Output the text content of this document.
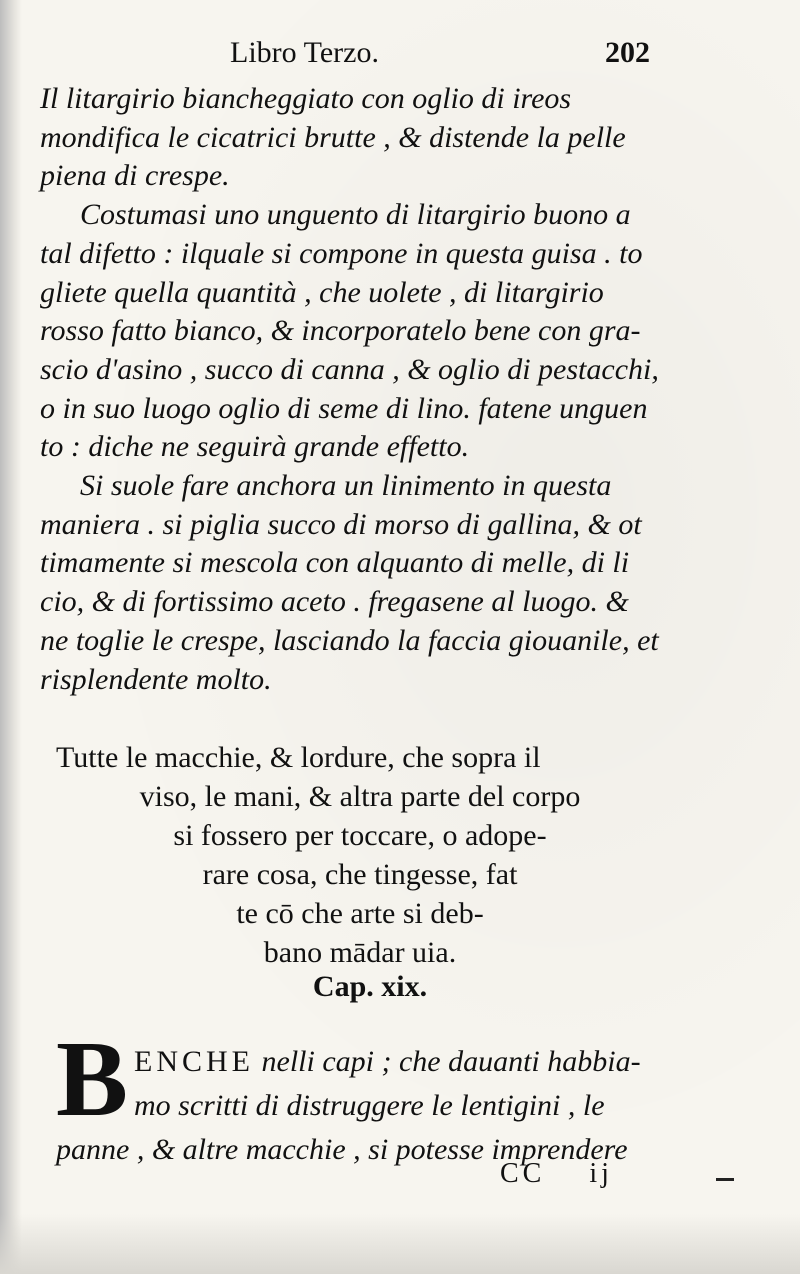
Libro Terzo.	202

Il litargirio biancheggiato con oglio di ireos
mondifica le cicatrici brutte , & distende la pelle
piena di crespe.

Costumasi uno unguento di litargirio buono a
tal difetto : ilquale si compone in questa guisa . to
gliete quella quantità , che uolete , di litargirio
rosso fatto bianco, & incorporatelo bene con gra-
scio d'asino , succo di canna , & oglio di pestacchi,
o in suo luogo oglio di seme di lino. fatene unguen
to : diche ne seguirà grande effetto.

Si suole fare anchora un linimento in questa
maniera . si piglia succo di morso di gallina, & ot
timamente si mescola con alquanto di melle, di li
cio, & di fortissimo aceto . fregasene al luogo. &
ne toglie le crespe, lasciando la faccia giouanile, et
risplendente molto.

Tutte le macchie, & lordure, che sopra il
viso, le mani, & altra parte del corpo
si fossero per toccare, o adope-
rare cosa, che tingesse, fat
te cō che arte si deb-
bano mādar uia.
Cap. xix.
B ENCHE nelli capi ; che dauanti habbia-
mo scritti di distruggere le lentigini , le
panne , & altre macchie , si potesse imprendere
CC ij
